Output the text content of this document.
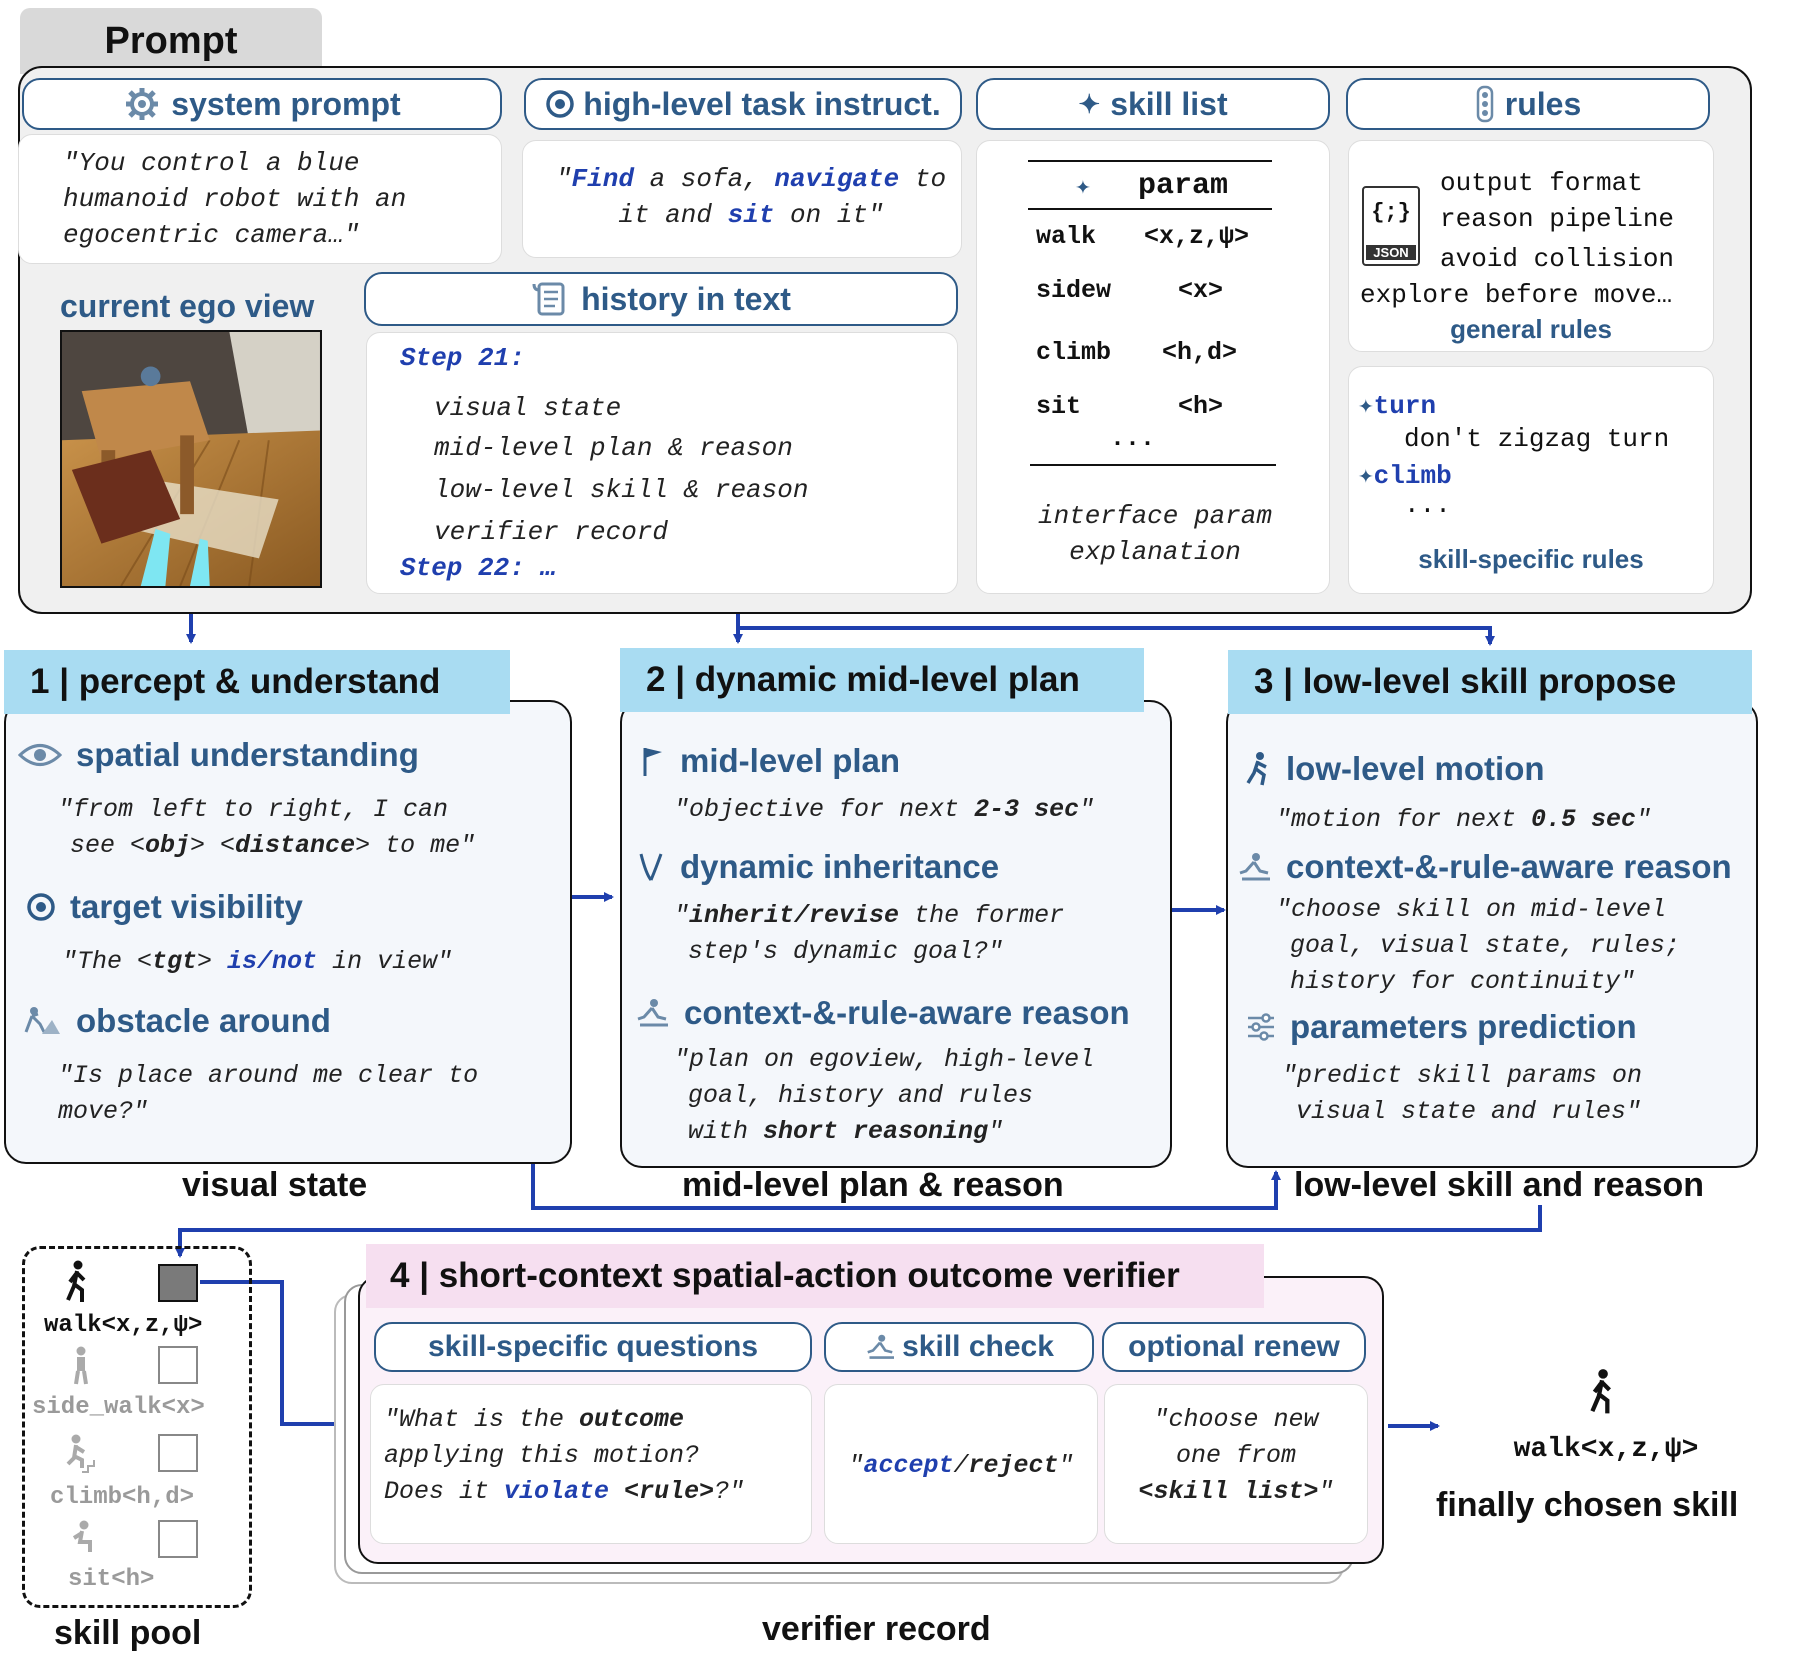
Prompt
system prompt
"You control a blue humanoid robot with an egocentric camera…"
high-level task instruct.
"Find a sofa, navigate to it and sit on it"
current ego view	history in text
Step 21:
visual state
mid-level plan & reason
low-level skill & reason
verifier record
Step 22: …
✦ skill list
✦	param
walk	<x,z,ψ>
sidew	<x>
climb	<h,d>
sit	<h>
...
interface param explanation
rules
{;}
JSON
output format
reason pipeline
avoid collision
explore before move…
general rules
✦turn
don't zigzag turn
✦climb
...
skill-specific rules
1 | percept & understand
spatial understanding
"from left to right, I can
see <obj> <distance> to me"
target visibility
"The <tgt> is/not in view"
obstacle around
"Is place around me clear to move?"
visual state
2 | dynamic mid-level plan
mid-level plan
"objective for next 2-3 sec"
dynamic inheritance
"inherit/revise the former
step's dynamic goal?"
context-&-rule-aware reason
"plan on egoview, high-level
goal, history and rules
with short reasoning"
mid-level plan & reason
3 | low-level skill propose
low-level motion
"motion for next 0.5 sec"
context-&-rule-aware reason
"choose skill on mid-level
goal, visual state, rules;
history for continuity"
parameters prediction
"predict skill params on
visual state and rules"
low-level skill and reason
walk<x,z,ψ>
side_walk<x>
climb<h,d>
sit<h>
skill pool
4 | short-context spatial-action outcome verifier
skill-specific questions	skill check	optional renew
"What is the outcome
applying this motion?
Does it violate <rule>?"
"accept/reject"
"choose new
one from
<skill list>"
verifier record
walk<x,z,ψ>
finally chosen skill
